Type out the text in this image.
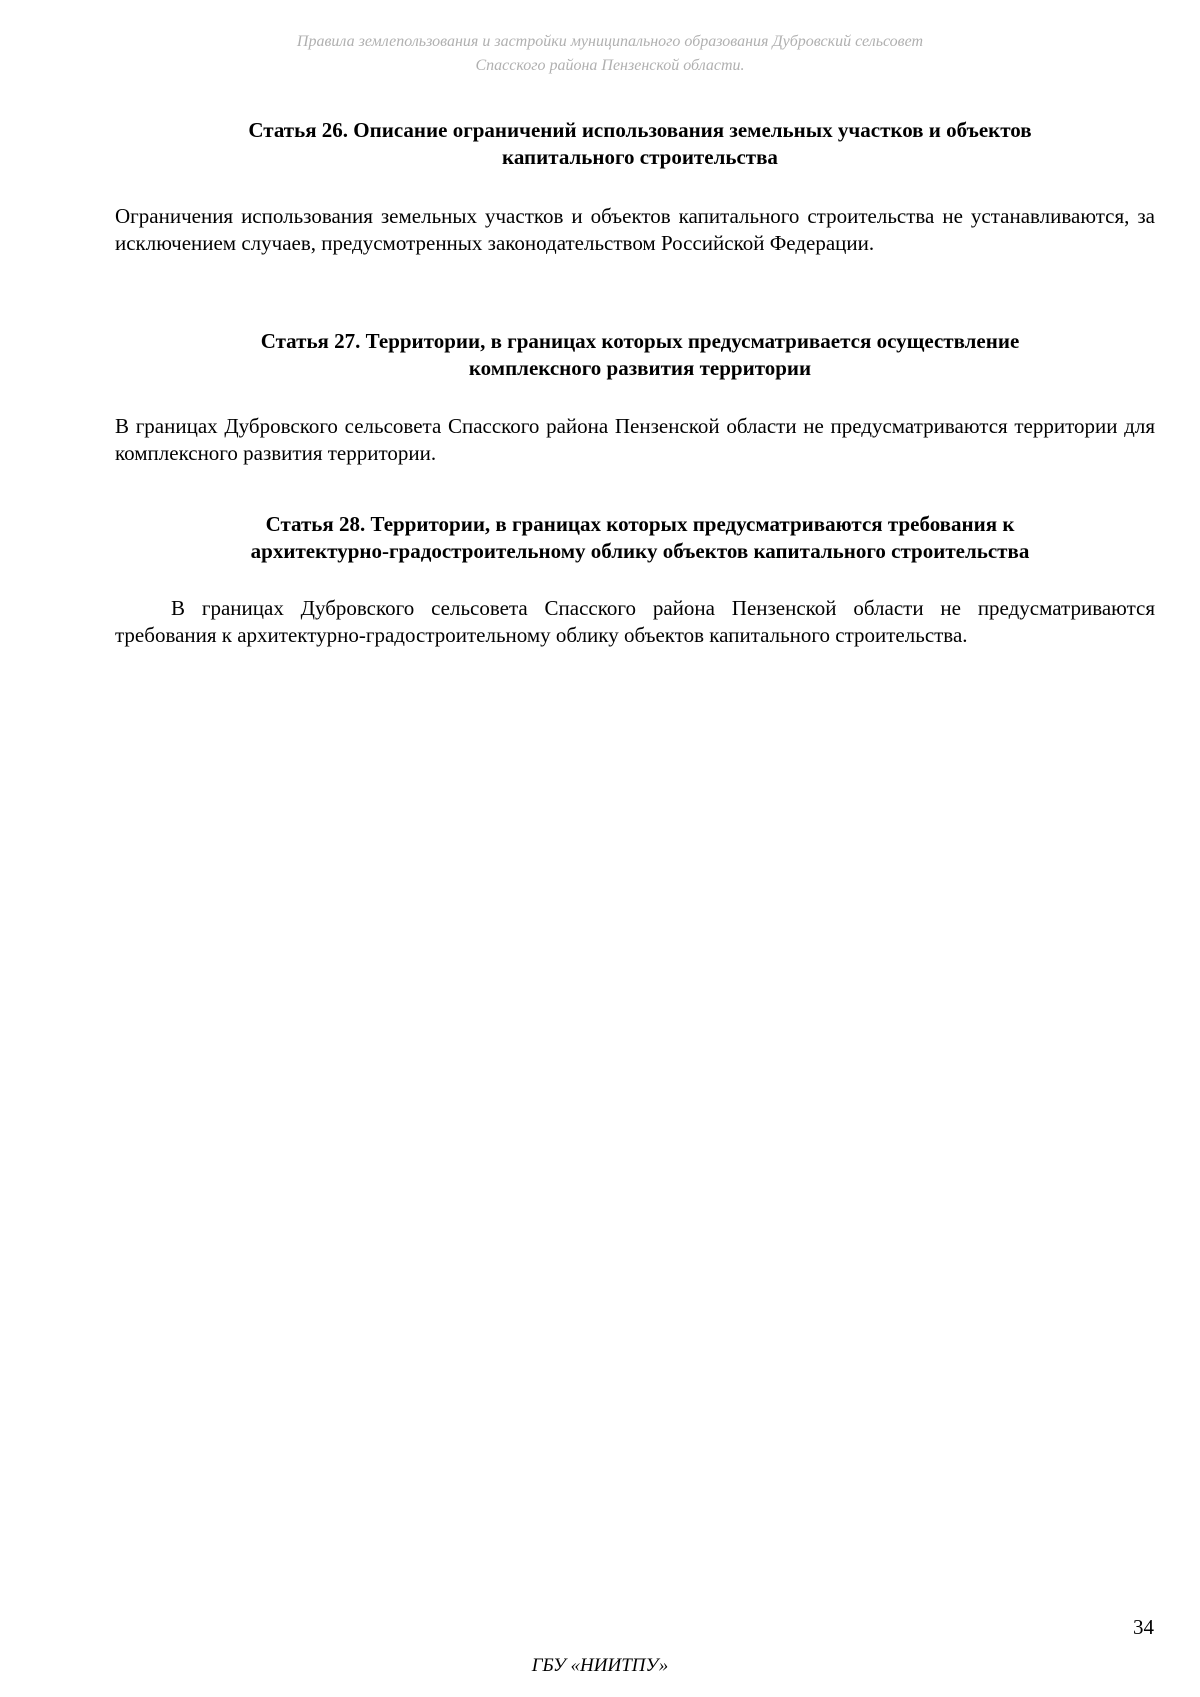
Правила землепользования и застройки муниципального образования Дубровский сельсовет
Спасского района Пензенской области.
Статья 26. Описание ограничений использования земельных участков и объектов
капитального строительства
Ограничения использования земельных участков и объектов капитального строительства не устанавливаются, за исключением случаев, предусмотренных законодательством Российской Федерации.
Статья 27. Территории, в границах которых предусматривается осуществление
комплексного развития территории
В границах Дубровского сельсовета Спасского района Пензенской области не предусматриваются территории для комплексного развития территории.
Статья 28. Территории, в границах которых предусматриваются требования к
архитектурно-градостроительному облику объектов капитального строительства
В границах Дубровского сельсовета Спасского района Пензенской области не предусматриваются требования к архитектурно-градостроительному облику объектов капитального строительства.
34
ГБУ «НИИТПУ»
